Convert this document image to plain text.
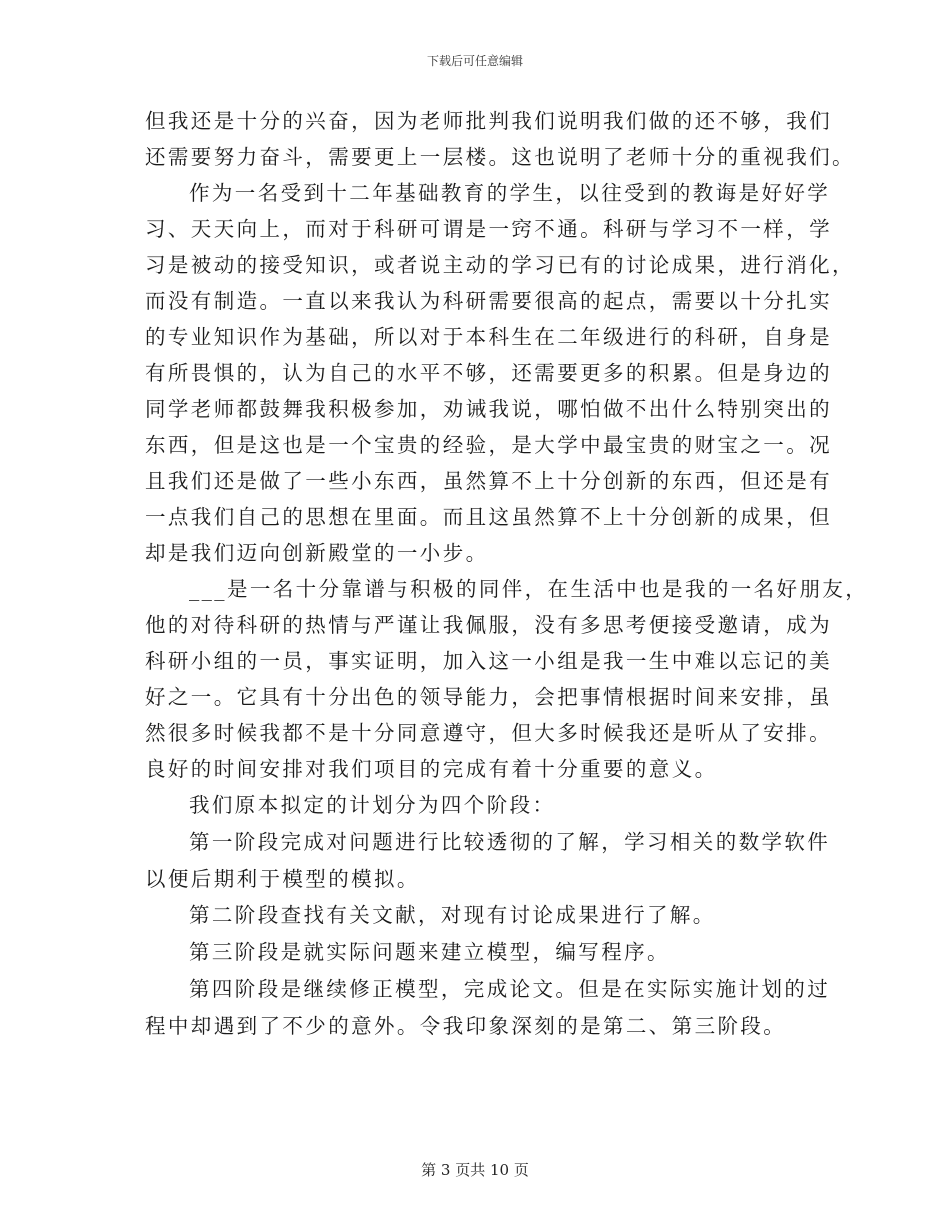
下载后可任意编辑
但我还是十分的兴奋，因为老师批判我们说明我们做的还不够，我们
还需要努力奋斗，需要更上一层楼。这也说明了老师十分的重视我们。
作为一名受到十二年基础教育的学生，以往受到的教诲是好好学
习、天天向上，而对于科研可谓是一窍不通。科研与学习不一样，学
习是被动的接受知识，或者说主动的学习已有的讨论成果，进行消化，
而没有制造。一直以来我认为科研需要很高的起点，需要以十分扎实
的专业知识作为基础，所以对于本科生在二年级进行的科研，自身是
有所畏惧的，认为自己的水平不够，还需要更多的积累。但是身边的
同学老师都鼓舞我积极参加，劝诫我说，哪怕做不出什么特别突出的
东西，但是这也是一个宝贵的经验，是大学中最宝贵的财宝之一。况
且我们还是做了一些小东西，虽然算不上十分创新的东西，但还是有
一点我们自己的思想在里面。而且这虽然算不上十分创新的成果，但
却是我们迈向创新殿堂的一小步。
___是一名十分靠谱与积极的同伴，在生活中也是我的一名好朋友，
他的对待科研的热情与严谨让我佩服，没有多思考便接受邀请，成为
科研小组的一员，事实证明，加入这一小组是我一生中难以忘记的美
好之一。它具有十分出色的领导能力，会把事情根据时间来安排，虽
然很多时候我都不是十分同意遵守，但大多时候我还是听从了安排。
良好的时间安排对我们项目的完成有着十分重要的意义。
我们原本拟定的计划分为四个阶段：
第一阶段完成对问题进行比较透彻的了解，学习相关的数学软件
以便后期利于模型的模拟。
第二阶段查找有关文献，对现有讨论成果进行了解。
第三阶段是就实际问题来建立模型，编写程序。
第四阶段是继续修正模型，完成论文。但是在实际实施计划的过
程中却遇到了不少的意外。令我印象深刻的是第二、第三阶段。
第 3 页共 10 页
